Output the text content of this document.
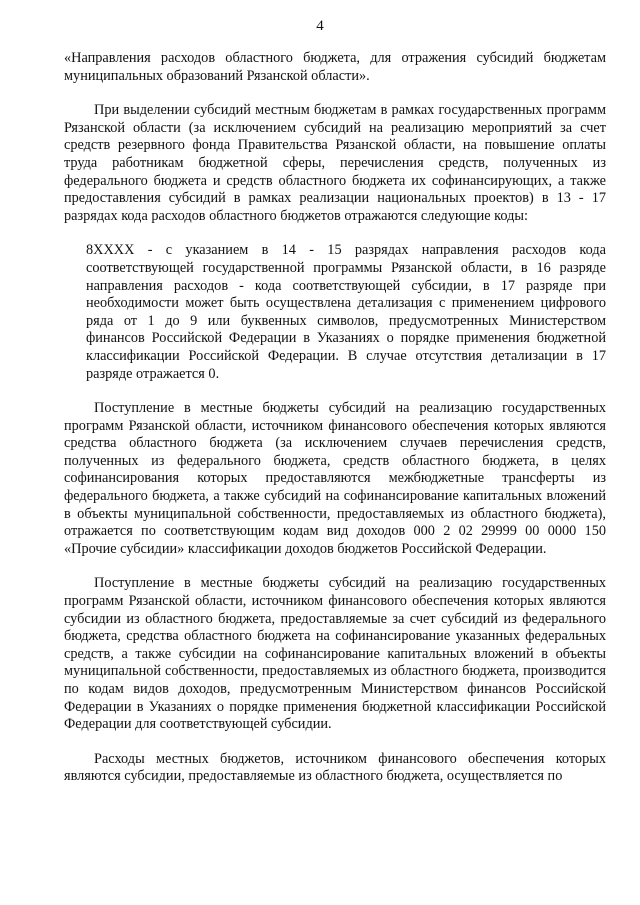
4

«Направления расходов областного бюджета, для отражения субсидий бюджетам муниципальных образований Рязанской области».

При выделении субсидий местным бюджетам в рамках государственных программ Рязанской области (за исключением субсидий на реализацию мероприятий за счет средств резервного фонда Правительства Рязанской области, на повышение оплаты труда работникам бюджетной сферы, перечисления средств, полученных из федерального бюджета и средств областного бюджета их софинансирующих, а также предоставления субсидий в рамках реализации национальных проектов) в 13 - 17 разрядах кода расходов областного бюджетов отражаются следующие коды:

8ХXXX - с указанием в 14 - 15 разрядах направления расходов кода соответствующей государственной программы Рязанской области, в 16 разряде направления расходов - кода соответствующей субсидии, в 17 разряде при необходимости может быть осуществлена детализация с применением цифрового ряда от 1 до 9 или буквенных символов, предусмотренных Министерством финансов Российской Федерации в Указаниях о порядке применения бюджетной классификации Российской Федерации. В случае отсутствия детализации в 17 разряде отражается 0.

Поступление в местные бюджеты субсидий на реализацию государственных программ Рязанской области, источником финансового обеспечения которых являются средства областного бюджета (за исключением случаев перечисления средств, полученных из федерального бюджета, средств областного бюджета, в целях софинансирования которых предоставляются межбюджетные трансферты из федерального бюджета, а также субсидий на софинансирование капитальных вложений в объекты муниципальной собственности, предоставляемых из областного бюджета), отражается по соответствующим кодам вид доходов 000 2 02 29999 00 0000 150 «Прочие субсидии» классификации доходов бюджетов Российской Федерации.

Поступление в местные бюджеты субсидий на реализацию государственных программ Рязанской области, источником финансового обеспечения которых являются субсидии из областного бюджета, предоставляемые за счет субсидий из федерального бюджета, средства областного бюджета на софинансирование указанных федеральных средств, а также субсидии на софинансирование капитальных вложений в объекты муниципальной собственности, предоставляемых из областного бюджета, производится по кодам видов доходов, предусмотренным Министерством финансов Российской Федерации в Указаниях о порядке применения бюджетной классификации Российской Федерации для соответствующей субсидии.

Расходы местных бюджетов, источником финансового обеспечения которых являются субсидии, предоставляемые из областного бюджета, осуществляется по
